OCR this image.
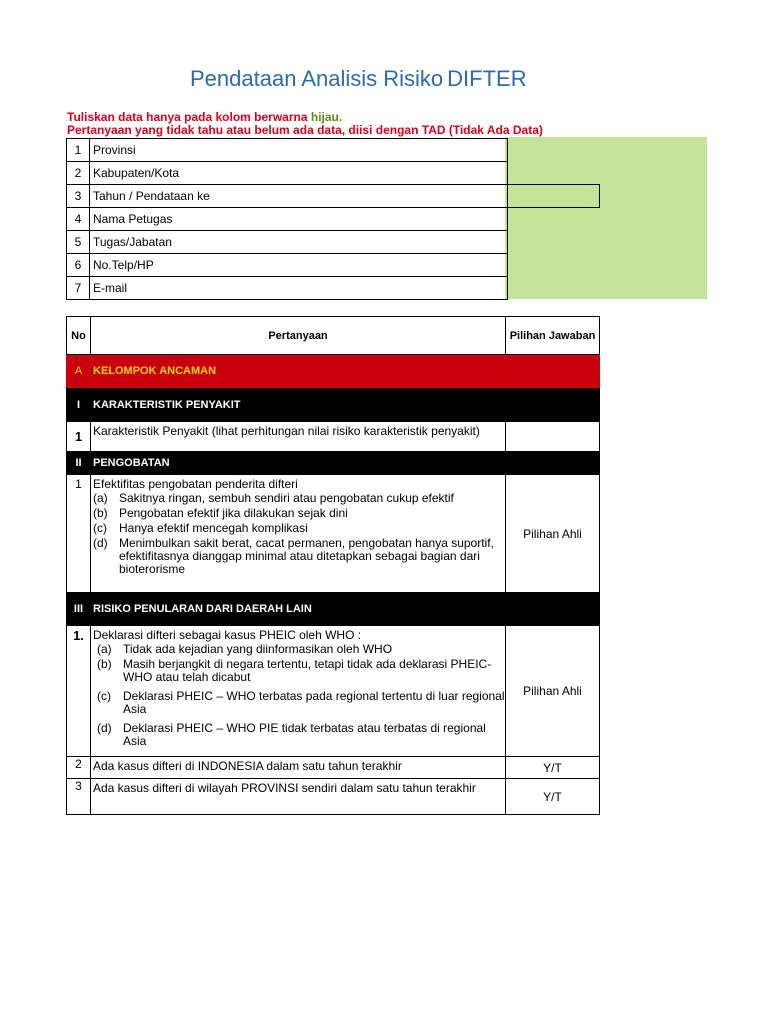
Pendataan Analisis Risiko DIFTER
Tuliskan data hanya pada kolom berwarna hijau.
Pertanyaan yang tidak tahu atau belum ada data, diisi dengan TAD (Tidak Ada Data)
1	Provinsi	
2	Kabupaten/Kota	
3	Tahun / Pendataan ke	
4	Nama Petugas	
5	Tugas/Jabatan	
6	No.Telp/HP	
7	E-mail	
No	Pertanyaan	Pilihan Jawaban
A	KELOMPOK ANCAMAN	
I	KARAKTERISTIK PENYAKIT	
1	Karakteristik Penyakit (lihat perhitungan nilai risiko karakteristik penyakit)	
II	PENGOBATAN	
1	Efektifitas pengobatan penderita difteri
(a)	Sakitnya ringan, sembuh sendiri atau pengobatan cukup efektif
(b)	Pengobatan efektif jika dilakukan sejak dini
(c)	Hanya efektif mencegah komplikasi
(d)	Menimbulkan sakit berat, cacat permanen, pengobatan hanya suportif, efektifitasnya dianggap minimal atau ditetapkan sebagai bagian dari bioterorisme
	Pilihan Ahli
III	RISIKO PENULARAN DARI DAERAH LAIN	
1.	Deklarasi difteri sebagai kasus PHEIC oleh WHO :
(a)	Tidak ada kejadian yang diinformasikan oleh WHO
(b)	Masih berjangkit di negara tertentu, tetapi tidak ada deklarasi PHEIC-WHO atau telah dicabut
(c)	Deklarasi PHEIC – WHO terbatas pada regional tertentu di luar regional Asia
(d)	Deklarasi PHEIC – WHO PIE tidak terbatas atau terbatas di regional Asia
	Pilihan Ahli
2	Ada kasus difteri di INDONESIA dalam satu tahun terakhir	Y/T
3	Ada kasus difteri di wilayah PROVINSI sendiri dalam satu tahun terakhir	Y/T
